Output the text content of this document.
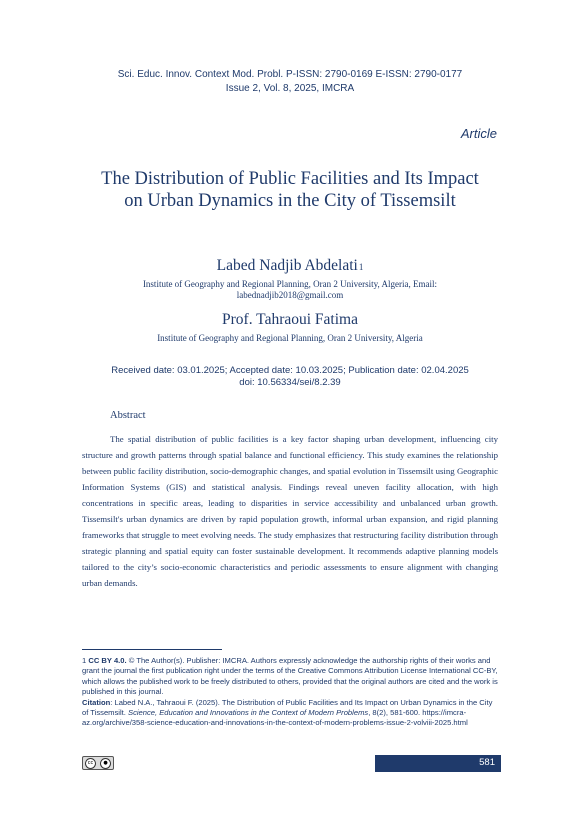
Sci. Educ. Innov. Context Mod. Probl. P-ISSN: 2790-0169 E-ISSN: 2790-0177
Issue 2, Vol. 8, 2025, IMCRA
Article
The Distribution of Public Facilities and Its Impact on Urban Dynamics in the City of Tissemsilt
Labed Nadjib Abdelati1
Institute of Geography and Regional Planning, Oran 2 University, Algeria, Email: labednadjib2018@gmail.com
Prof. Tahraoui Fatima
Institute of Geography and Regional Planning, Oran 2 University, Algeria
Received date: 03.01.2025; Accepted date: 10.03.2025; Publication date: 02.04.2025
doi: 10.56334/sei/8.2.39
Abstract
The spatial distribution of public facilities is a key factor shaping urban development, influencing city structure and growth patterns through spatial balance and functional efficiency. This study examines the relationship between public facility distribution, socio-demographic changes, and spatial evolution in Tissemsilt using Geographic Information Systems (GIS) and statistical analysis. Findings reveal uneven facility allocation, with high concentrations in specific areas, leading to disparities in service accessibility and unbalanced urban growth. Tissemsilt's urban dynamics are driven by rapid population growth, informal urban expansion, and rigid planning frameworks that struggle to meet evolving needs. The study emphasizes that restructuring facility distribution through strategic planning and spatial equity can foster sustainable development. It recommends adaptive planning models tailored to the city’s socio-economic characteristics and periodic assessments to ensure alignment with changing urban demands.
1 CC BY 4.0. © The Author(s). Publisher: IMCRA. Authors expressly acknowledge the authorship rights of their works and grant the journal the first publication right under the terms of the Creative Commons Attribution License International CC-BY, which allows the published work to be freely distributed to others, provided that the original authors are cited and the work is published in this journal.
Citation: Labed N.A., Tahraoui F. (2025). The Distribution of Public Facilities and Its Impact on Urban Dynamics in the City of Tissemsilt. Science, Education and Innovations in the Context of Modern Problems, 8(2), 581-600. https://imcra-az.org/archive/358-science-education-and-innovations-in-the-context-of-modern-problems-issue-2-volviii-2025.html
cc	●	581
